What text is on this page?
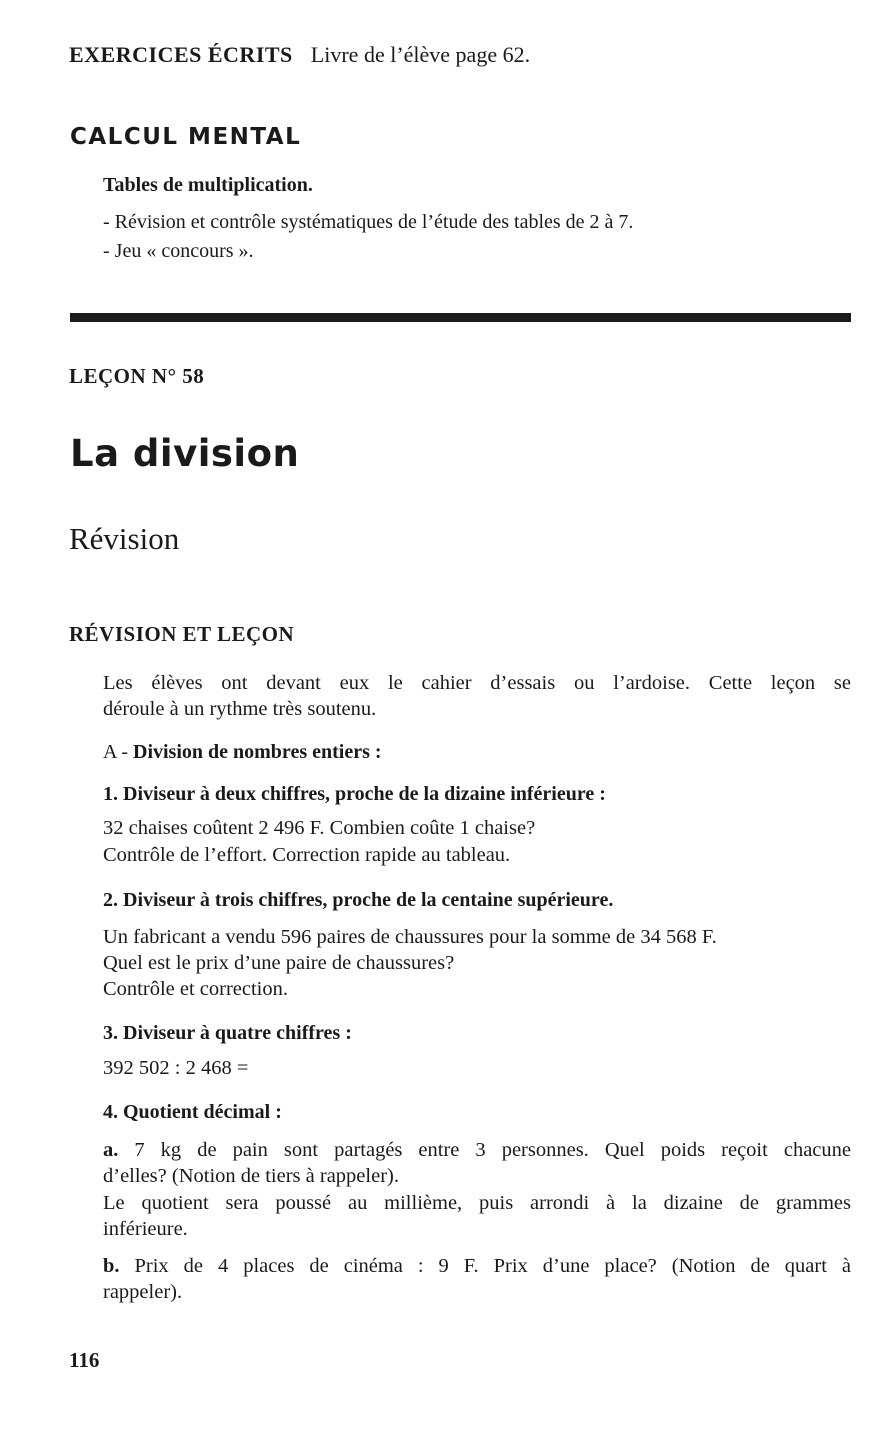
EXERCICES ÉCRITS Livre de l’élève page 62.
CALCUL MENTAL
Tables de multiplication.
- Révision et contrôle systématiques de l’étude des tables de 2 à 7.
- Jeu « concours ».
LEÇON N° 58
La division
Révision
RÉVISION ET LEÇON
Les élèves ont devant eux le cahier d’essais ou l’ardoise. Cette leçon se
déroule à un rythme très soutenu.
A - Division de nombres entiers :
1. Diviseur à deux chiffres, proche de la dizaine inférieure :
32 chaises coûtent 2 496 F. Combien coûte 1 chaise?
Contrôle de l’effort. Correction rapide au tableau.
2. Diviseur à trois chiffres, proche de la centaine supérieure.
Un fabricant a vendu 596 paires de chaussures pour la somme de 34 568 F.
Quel est le prix d’une paire de chaussures?
Contrôle et correction.
3. Diviseur à quatre chiffres :
392 502 : 2 468 =
4. Quotient décimal :
a. 7 kg de pain sont partagés entre 3 personnes. Quel poids reçoit chacune
d’elles? (Notion de tiers à rappeler).
Le quotient sera poussé au millième, puis arrondi à la dizaine de grammes
inférieure.
b. Prix de 4 places de cinéma : 9 F. Prix d’une place? (Notion de quart à
rappeler).
116
